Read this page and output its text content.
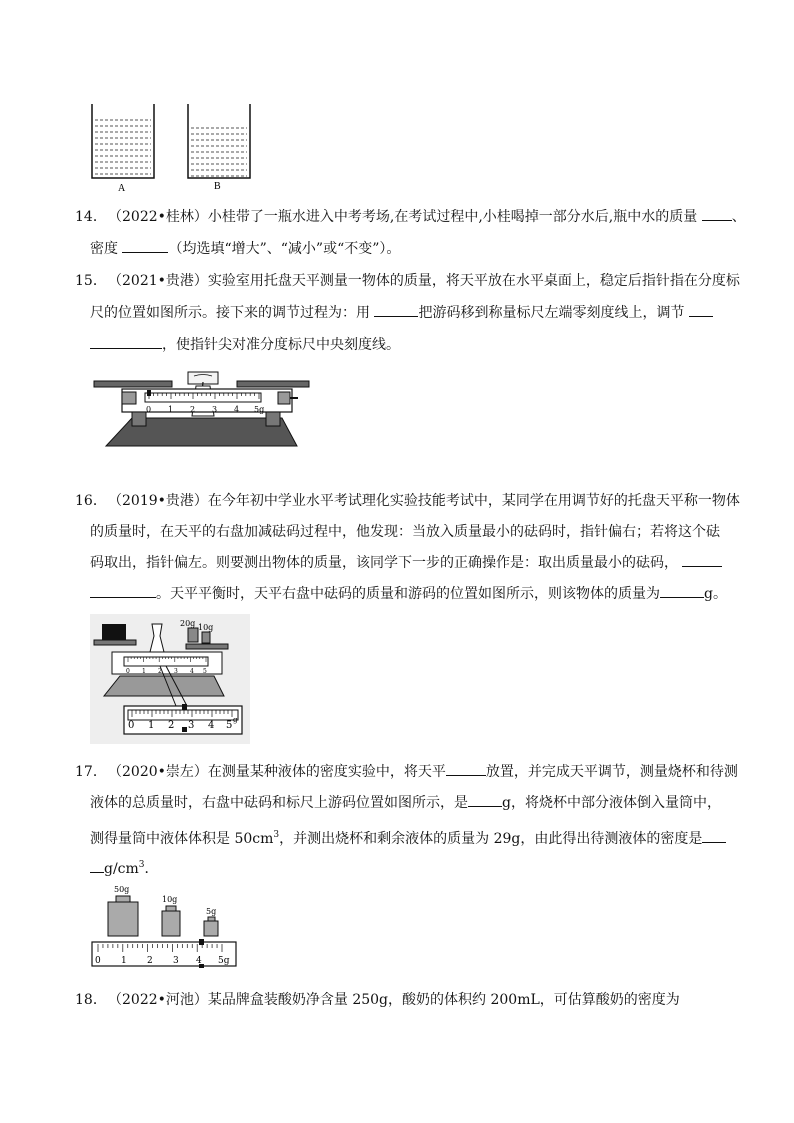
A	B
14． （2022•桂林）小桂带了一瓶水进入中考考场,在考试过程中,小桂喝掉一部分水后,瓶中水的质量 、
密度	（均选填“增大”、“减小”或“不变”）。
15． （2021•贵港）实验室用托盘天平测量一物体的质量，将天平放在水平桌面上，稳定后指针指在分度标
尺的位置如图所示。接下来的调节过程为：用	把游码移到称量标尺左端零刻度线上，调节
，使指针尖对准分度标尺中央刻度线。
0 1 2 3 4 5g
16． （2019•贵港）在今年初中学业水平考试理化实验技能考试中，某同学在用调节好的托盘天平称一物体
的质量时，在天平的右盘加减砝码过程中，他发现：当放入质量最小的砝码时，指针偏右；若将这个砝
码取出，指针偏左。则要测出物体的质量，该同学下一步的正确操作是：取出质量最小的砝码，
。天平平衡时，天平右盘中砝码的质量和游码的位置如图所示，则该物体的质量为	g。
20g 10g
0 1 2 3 4 5
0 1 2 3 4 5 g
17． （2020•崇左）在测量某种液体的密度实验中，将天平	放置，并完成天平调节，测量烧杯和待测
液体的总质量时，右盘中砝码和标尺上游码位置如图所示，是 g，将烧杯中部分液体倒入量筒中，
测得量筒中液体体积是 $50cm^3$，并测出烧杯和剩余液体的质量为 29g，由此得出待测液体的密度是
$g/cm^3$．
50g
10g
5g
0 1 2 3 4 5g
18． （2022•河池）某品牌盒装酸奶净含量 250g，酸奶的体积约 200mL，可估算酸奶的密度为
